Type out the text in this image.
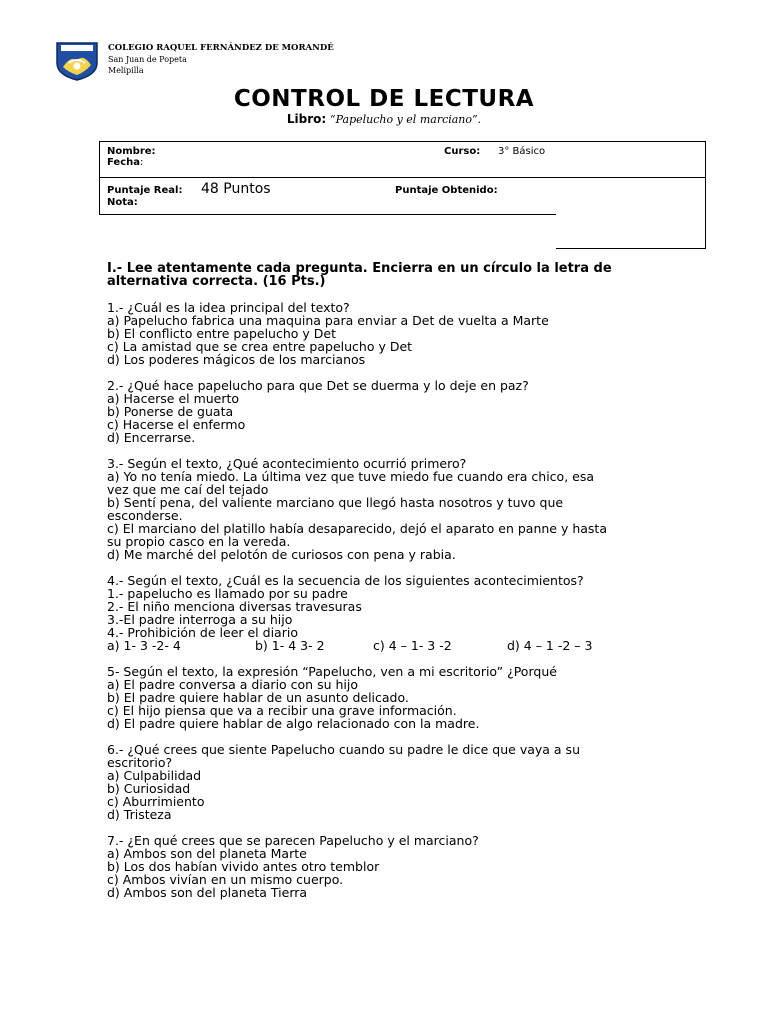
COLEGIO RAQUEL FERNÁNDEZ DE MORANDÉ
San Juan de Popeta
Melipilla
CONTROL DE LECTURA
Libro: “Papelucho y el marciano”.
Nombre:
Fecha:
Curso: 3° Básico
Puntaje Real: 48 Puntos	Puntaje Obtenido:
Nota:
I.- Lee atentamente cada pregunta. Encierra en un círculo la letra de
alternativa correcta. (16 Pts.)
1.- ¿Cuál es la idea principal del texto?
a) Papelucho fabrica una maquina para enviar a Det de vuelta a Marte
b) El conflicto entre papelucho y Det
c) La amistad que se crea entre papelucho y Det
d) Los poderes mágicos de los marcianos
2.- ¿Qué hace papelucho para que Det se duerma y lo deje en paz?
a) Hacerse el muerto
b) Ponerse de guata
c) Hacerse el enfermo
d) Encerrarse.
3.- Según el texto, ¿Qué acontecimiento ocurrió primero?
a) Yo no tenía miedo. La última vez que tuve miedo fue cuando era chico, esa
vez que me caí del tejado
b) Sentí pena, del valiente marciano que llegó hasta nosotros y tuvo que
esconderse.
c) El marciano del platillo había desaparecido, dejó el aparato en panne y hasta
su propio casco en la vereda.
d) Me marché del pelotón de curiosos con pena y rabia.
4.- Según el texto, ¿Cuál es la secuencia de los siguientes acontecimientos?
1.- papelucho es llamado por su padre
2.- El niño menciona diversas travesuras
3.-El padre interroga a su hijo
4.- Prohibición de leer el diario
a) 1- 3 -2- 4	b) 1- 4 3- 2	c) 4 – 1- 3 -2	d) 4 – 1 -2 – 3
5- Según el texto, la expresión “Papelucho, ven a mi escritorio” ¿Porqué
a) El padre conversa a diario con su hijo
b) El padre quiere hablar de un asunto delicado.
c) El hijo piensa que va a recibir una grave información.
d) El padre quiere hablar de algo relacionado con la madre.
6.- ¿Qué crees que siente Papelucho cuando su padre le dice que vaya a su
escritorio?
a) Culpabilidad
b) Curiosidad
c) Aburrimiento
d) Tristeza
7.- ¿En qué crees que se parecen Papelucho y el marciano?
a) Ambos son del planeta Marte
b) Los dos habían vivido antes otro temblor
c) Ambos vivían en un mismo cuerpo.
d) Ambos son del planeta Tierra
